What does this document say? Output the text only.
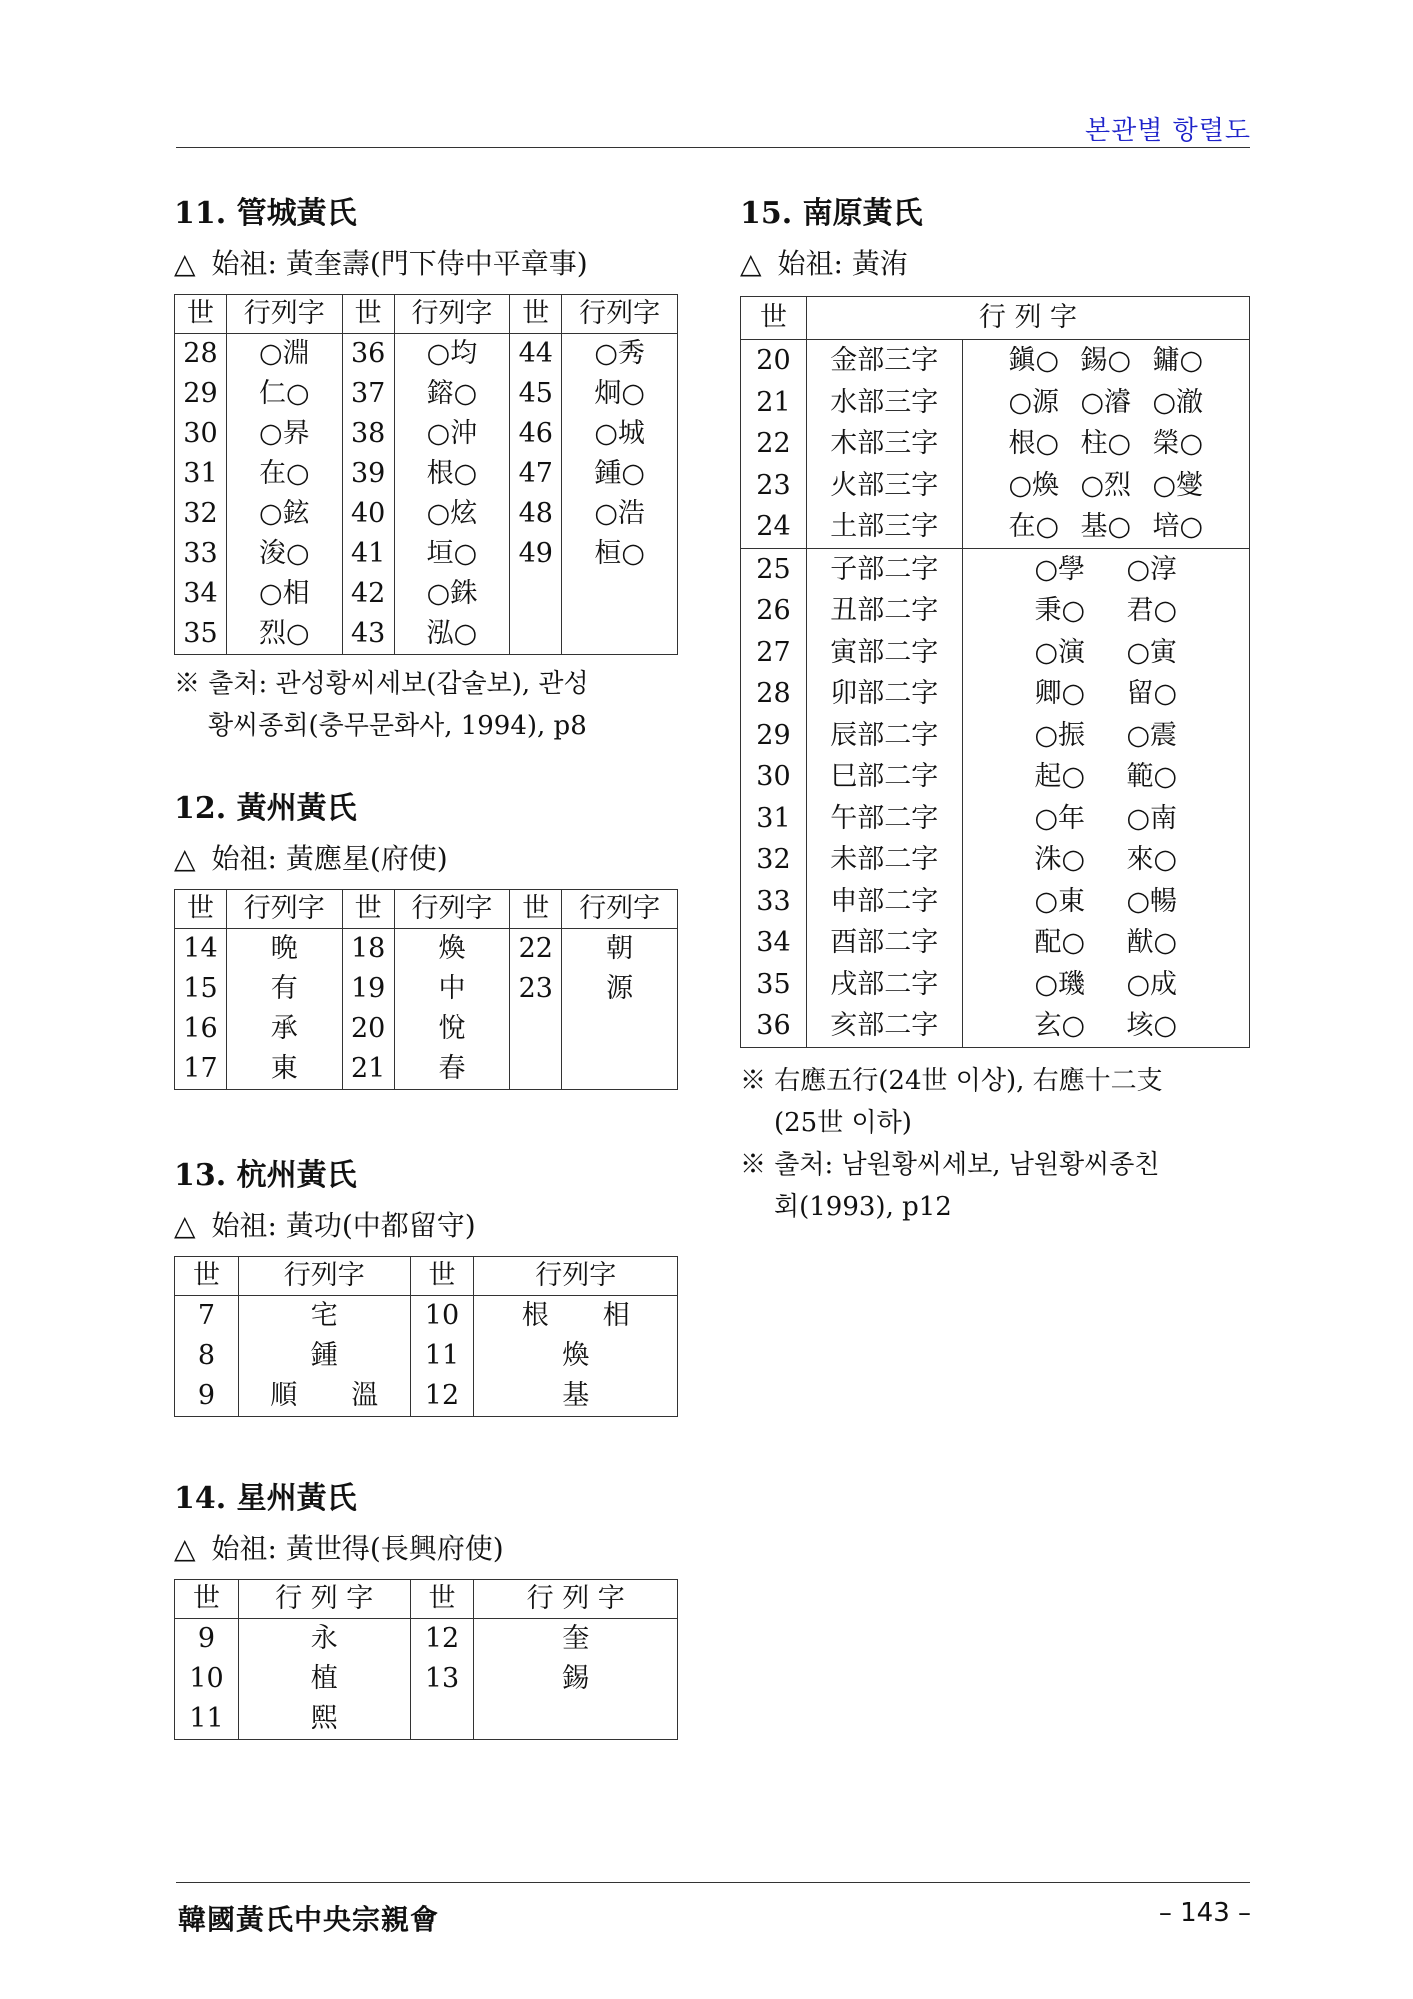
본관별 항렬도
11. 管城黃氏
△ 始祖: 黃奎壽(門下侍中平章事)
世	行列字	世	行列字	世	行列字
28	○淵	36	○均	44	○秀
29	仁○	37	鎔○	45	炯○
30	○昦	38	○沖	46	○城
31	在○	39	根○	47	鍾○
32	○鉉	40	○炫	48	○浩
33	浚○	41	垣○	49	桓○
34	○相	42	○銖		
35	烈○	43	泓○		
※ 출처: 관성황씨세보(갑술보), 관성
황씨종회(충무문화사, 1994), p8
12. 黃州黃氏
△ 始祖: 黃應星(府使)
世	行列字	世	行列字	世	行列字
14	晩	18	煥	22	朝
15	有	19	中	23	源
16	承	20	悅		
17	東	21	春		
13. 杭州黃氏
△ 始祖: 黃功(中都留守)
世	行列字	世	行列字
7	宅	10	根　　相
8	鍾	11	煥
9	順　　溫	12	基
14. 星州黃氏
△ 始祖: 黃世得(長興府使)
世	行 列 字	世	行 列 字
9	永	12	奎
10	植	13	錫
11	熙		
15. 南原黃氏
△ 始祖: 黃洧
世	行 列 字	
20	金部三字	鎭○ 錫○ 鏞○
21	水部三字	○源 ○濬 ○澈
22	木部三字	根○ 柱○ 榮○
23	火部三字	○煥 ○烈 ○燮
24	土部三字	在○ 基○ 培○
25	子部二字	○學 ○淳
26	丑部二字	秉○ 君○
27	寅部二字	○演 ○寅
28	卯部二字	卿○ 留○
29	辰部二字	○振 ○震
30	巳部二字	起○ 範○
31	午部二字	○年 ○南
32	未部二字	洙○ 來○
33	申部二字	○東 ○暢
34	酉部二字	配○ 猷○
35	戌部二字	○璣 ○成
36	亥部二字	玄○ 垓○
※ 右應五行(24世 이상), 右應十二支
(25世 이하)
※ 출처: 남원황씨세보, 남원황씨종친
회(1993), p12
韓國黃氏中央宗親會	– 143 –
